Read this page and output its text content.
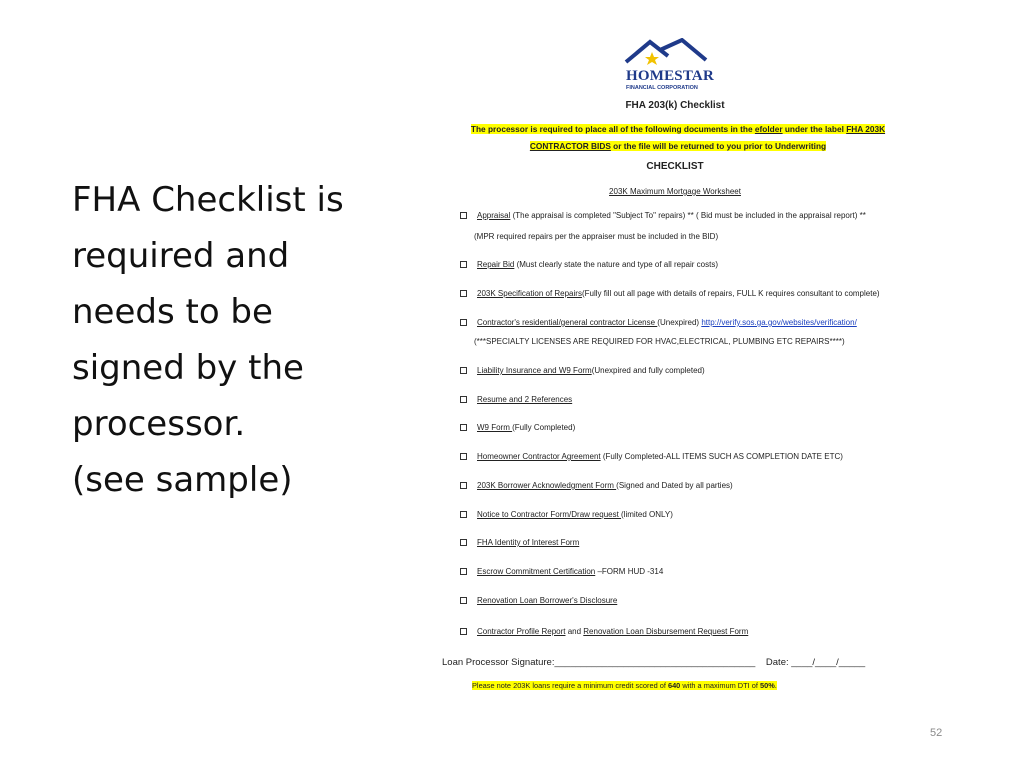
FHA Checklist is
required and
needs to be
signed by the
processor.
(see sample)
HOMESTAR
FINANCIAL CORPORATION
FHA 203(k) Checklist
The processor is required to place all of the following documents in the efolder under the label FHA 203K
CONTRACTOR BIDS or the file will be returned to you prior to Underwriting
CHECKLIST
203K Maximum Mortgage Worksheet
Appraisal (The appraisal is completed "Subject To" repairs) ** ( Bid must be included in the appraisal report) **
(MPR required repairs per the appraiser must be included in the BID)
Repair Bid (Must clearly state the nature and type of all repair costs)
203K Specification of Repairs(Fully fill out all page with details of repairs, FULL K requires consultant to complete)
Contractor's residential/general contractor License (Unexpired) http://verify.sos.ga.gov/websites/verification/
(***SPECIALTY LICENSES ARE REQUIRED FOR HVAC,ELECTRICAL, PLUMBING ETC REPAIRS****)
Liability Insurance and W9 Form(Unexpired and fully completed)
Resume and 2 References
W9 Form (Fully Completed)
Homeowner Contractor Agreement (Fully Completed-ALL ITEMS SUCH AS COMPLETION DATE ETC)
203K Borrower Acknowledgment Form (Signed and Dated by all parties)
Notice to Contractor Form/Draw request (limited ONLY)
FHA Identity of Interest Form
Escrow Commitment Certification –FORM HUD -314
Renovation Loan Borrower's Disclosure
Contractor Profile Report and Renovation Loan Disbursement Request Form
Loan Processor Signature:______________________________________ Date: ____/____/_____
Please note 203K loans require a minimum credit scored of 640 with a maximum DTI of 50%.
52
